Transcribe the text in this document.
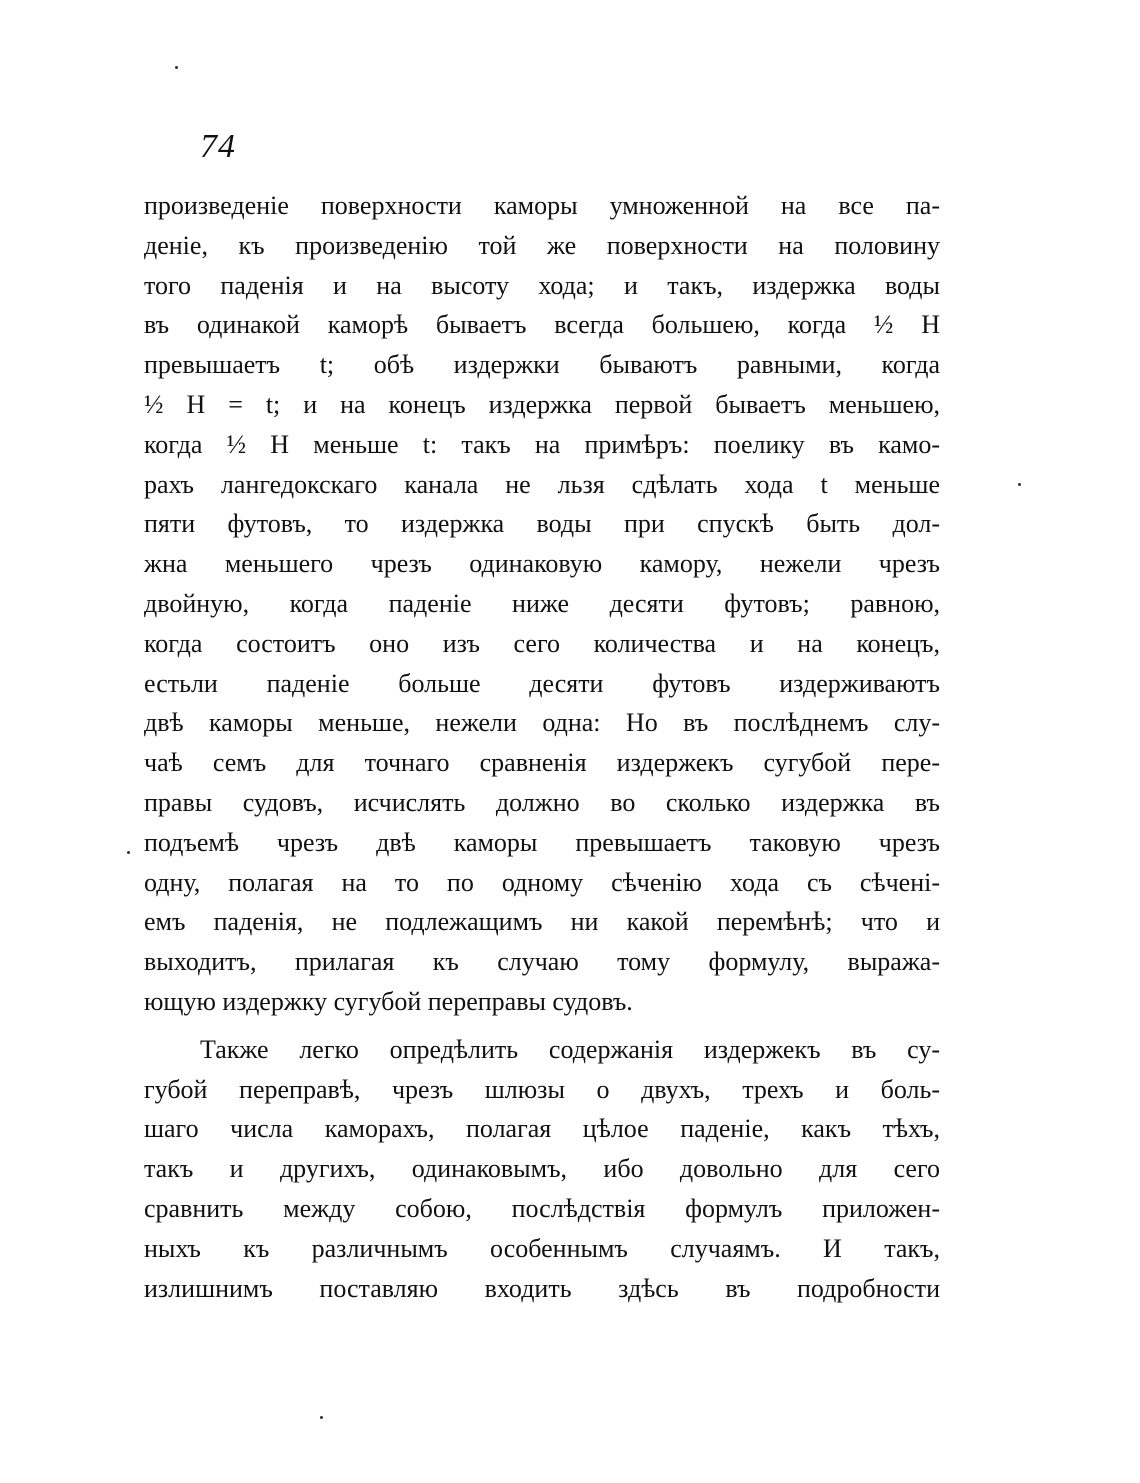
74
произведеніе поверхности каморы умноженной на все па-
деніе, къ произведенію той же поверхности на половину
того паденія и на высоту хода; и такъ, издержка воды
въ одинакой каморѣ бываетъ всегда большею, когда ½ H
превышаетъ t; обѣ издержки бываютъ равными, когда
½ H = t; и на конецъ издержка первой бываетъ меньшею,
когда ½ H меньше t: такъ на примѣръ: поелику въ камо-
рахъ лангедокскаго канала не льзя сдѣлать хода t меньше
пяти футовъ, то издержка воды при спускѣ быть дол-
жна меньшего чрезъ одинаковую камору, нежели чрезъ
двойную, когда паденіе ниже десяти футовъ; равною,
когда состоитъ оно изъ сего количества и на конецъ,
естьли паденіе больше десяти футовъ издерживаютъ
двѣ каморы меньше, нежели одна: Но въ послѣднемъ слу-
чаѣ семъ для точнаго сравненія издержекъ сугубой пере-
правы судовъ, исчислять должно во сколько издержка въ
подъемѣ чрезъ двѣ каморы превышаетъ таковую чрезъ
одну, полагая на то по одному сѣченію хода съ сѣчені-
емъ паденія, не подлежащимъ ни какой перемѣнѣ; что и
выходитъ, прилагая къ случаю тому формулу, выража-
ющую издержку сугубой переправы судовъ.
Также легко опредѣлить содержанія издержекъ въ су-
губой переправѣ, чрезъ шлюзы о двухъ, трехъ и боль-
шаго числа каморахъ, полагая цѣлое паденіе, какъ тѣхъ,
такъ и другихъ, одинаковымъ, ибо довольно для сего
сравнить между собою, послѣдствія формулъ приложен-
ныхъ къ различнымъ особеннымъ случаямъ. И такъ,
излишнимъ поставляю входить здѣсь въ подробности
